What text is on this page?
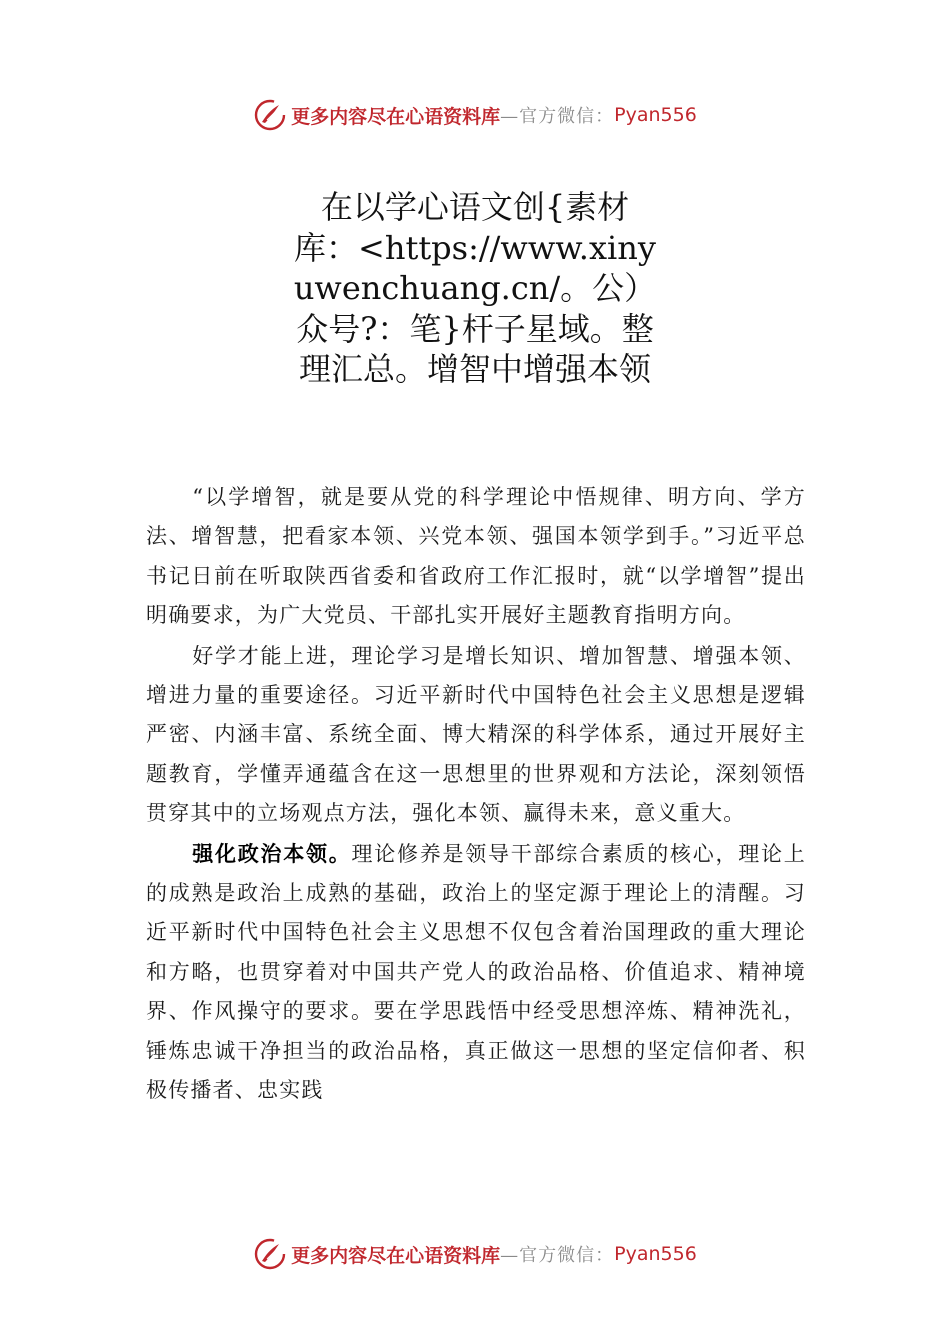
更多内容尽在心语资料库 —官方微信： Pyan556
在以学心语文创{素材库：<https://www.xinyuwenchuang.cn/。公）众号?：笔}杆子星域。整理汇总。增智中增强本领

“以学增智，就是要从党的科学理论中悟规律、明方向、学方法、增智慧，把看家本领、兴党本领、强国本领学到手。”习近平总书记日前在听取陕西省委和省政府工作汇报时，就“以学增智”提出明确要求，为广大党员、干部扎实开展好主题教育指明方向。

好学才能上进，理论学习是增长知识、增加智慧、增强本领、增进力量的重要途径。习近平新时代中国特色社会主义思想是逻辑严密、内涵丰富、系统全面、博大精深的科学体系，通过开展好主题教育，学懂弄通蕴含在这一思想里的世界观和方法论，深刻领悟贯穿其中的立场观点方法，强化本领、赢得未来，意义重大。

强化政治本领。理论修养是领导干部综合素质的核心，理论上的成熟是政治上成熟的基础，政治上的坚定源于理论上的清醒。习近平新时代中国特色社会主义思想不仅包含着治国理政的重大理论和方略，也贯穿着对中国共产党人的政治品格、价值追求、精神境界、作风操守的要求。要在学思践悟中经受思想淬炼、精神洗礼，锤炼忠诚干净担当的政治品格，真正做这一思想的坚定信仰者、积极传播者、忠实践

更多内容尽在心语资料库 —官方微信： Pyan556
